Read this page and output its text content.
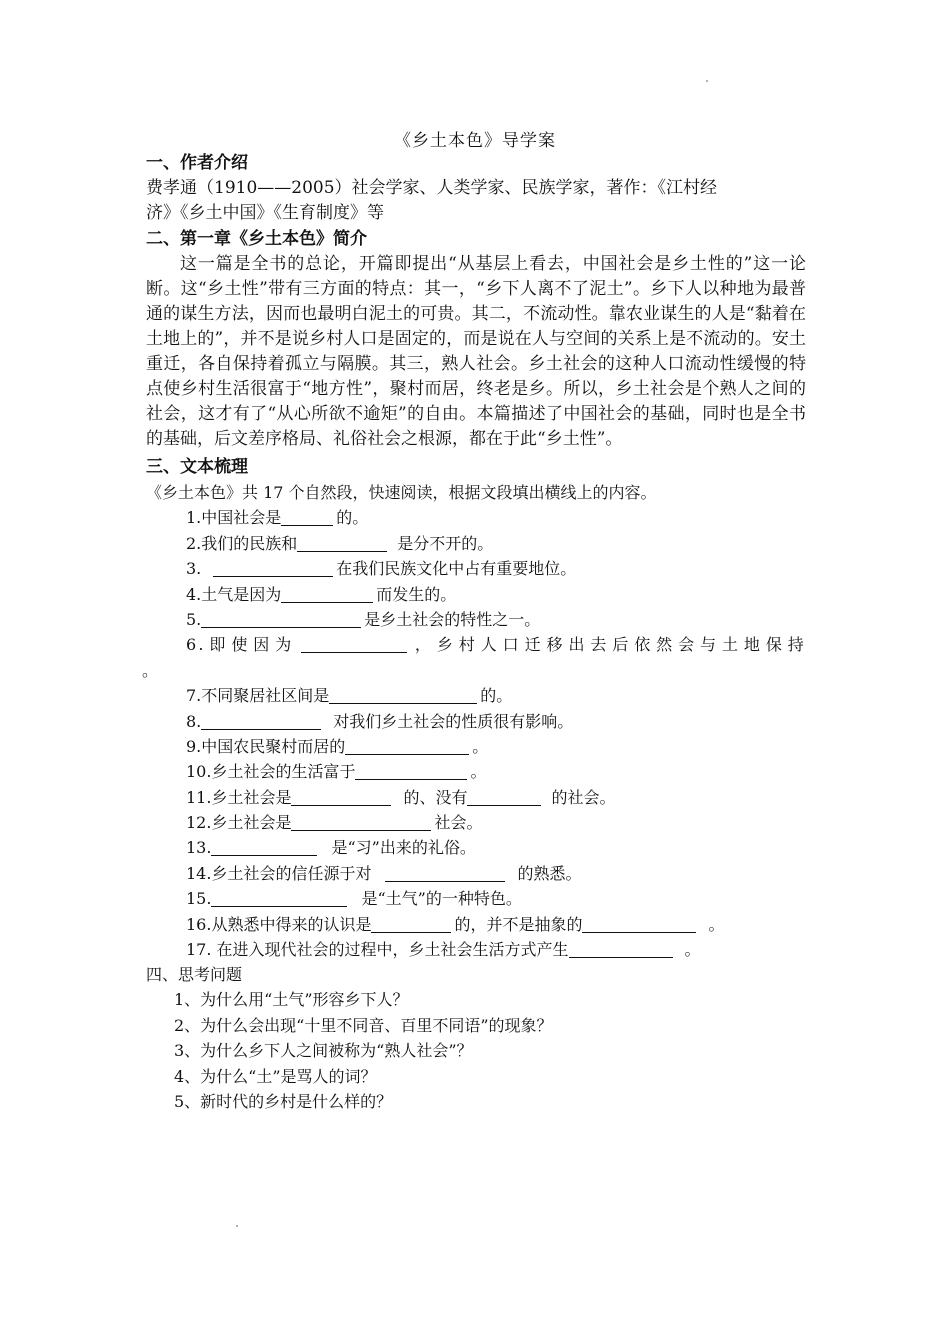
《乡土本色》导学案
一、作者介绍
费孝通（1910——2005）社会学家、人类学家、民族学家，著作：《江村经
济》《乡土中国》《生育制度》等
二、第一章《乡土本色》简介
这一篇是全书的总论，开篇即提出“从基层上看去，中国社会是乡土性的”这一论断。这“乡土性”带有三方面的特点：其一，“乡下人离不了泥土”。乡下人以种地为最普通的谋生方法，因而也最明白泥土的可贵。其二，不流动性。靠农业谋生的人是“黏着在土地上的”，并不是说乡村人口是固定的，而是说在人与空间的关系上是不流动的。安土重迁，各自保持着孤立与隔膜。其三，熟人社会。乡土社会的这种人口流动性缓慢的特点使乡村生活很富于“地方性”，聚村而居，终老是乡。所以，乡土社会是个熟人之间的社会，这才有了“从心所欲不逾矩”的自由。本篇描述了中国社会的基础，同时也是全书的基础，后文差序格局、礼俗社会之根源，都在于此“乡土性”。
三、文本梳理
《乡土本色》共 17 个自然段，快速阅读，根据文段填出横线上的内容。
1.中国社会是	的。
2.我们的民族和	是分不开的。
3.	在我们民族文化中占有重要地位。
4.土气是因为	而发生的。
5.	是乡土社会的特性之一。
6.即使因为	，乡村人口迁移出去后依然会与土地保持
。
7.不同聚居社区间是	的。
8.	对我们乡土社会的性质很有影响。
9.中国农民聚村而居的	。
10.乡土社会的生活富于	。
11.乡土社会是	的、没有	的社会。
12.乡土社会是	社会。
13.	是“习”出来的礼俗。
14.乡土社会的信任源于对	的熟悉。
15.	是“土气”的一种特色。
16.从熟悉中得来的认识是	的，并不是抽象的	。
17. 在进入现代社会的过程中，乡土社会生活方式产生	。
四、思考问题
1、为什么用“土气”形容乡下人？
2、为什么会出现“十里不同音、百里不同语”的现象？
3、为什么乡下人之间被称为“熟人社会”？
4、为什么“土”是骂人的词？
5、新时代的乡村是什么样的？
